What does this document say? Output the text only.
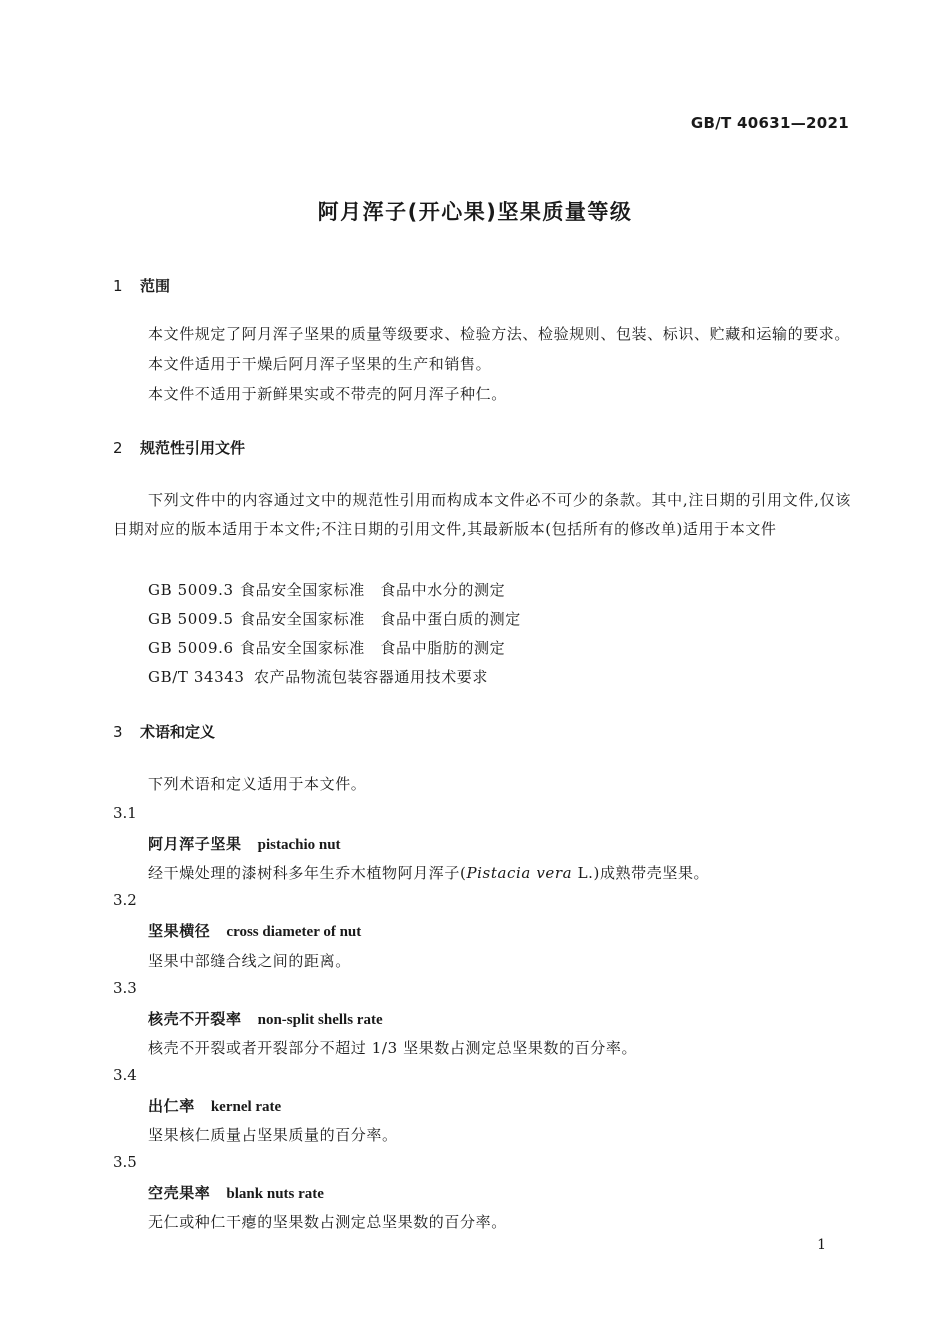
GB/T 40631—2021
阿月浑子(开心果)坚果质量等级
1 范围
本文件规定了阿月浑子坚果的质量等级要求、检验方法、检验规则、包装、标识、贮藏和运输的要求。
本文件适用于干燥后阿月浑子坚果的生产和销售。
本文件不适用于新鲜果实或不带壳的阿月浑子种仁。
2 规范性引用文件
下列文件中的内容通过文中的规范性引用而构成本文件必不可少的条款。其中,注日期的引用文件,仅该日期对应的版本适用于本文件;不注日期的引用文件,其最新版本(包括所有的修改单)适用于本文件
GB 5009.3 食品安全国家标准　食品中水分的测定
GB 5009.5 食品安全国家标准　食品中蛋白质的测定
GB 5009.6 食品安全国家标准　食品中脂肪的测定
GB/T 34343 农产品物流包装容器通用技术要求
3 术语和定义
下列术语和定义适用于本文件。
3.1
阿月浑子坚果 pistachio nut
经干燥处理的漆树科多年生乔木植物阿月浑子(Pistacia vera L.)成熟带壳坚果。
3.2
坚果横径 cross diameter of nut
坚果中部缝合线之间的距离。
3.3
核壳不开裂率 non-split shells rate
核壳不开裂或者开裂部分不超过 1/3 坚果数占测定总坚果数的百分率。
3.4
出仁率 kernel rate
坚果核仁质量占坚果质量的百分率。
3.5
空壳果率 blank nuts rate
无仁或种仁干瘪的坚果数占测定总坚果数的百分率。
1
